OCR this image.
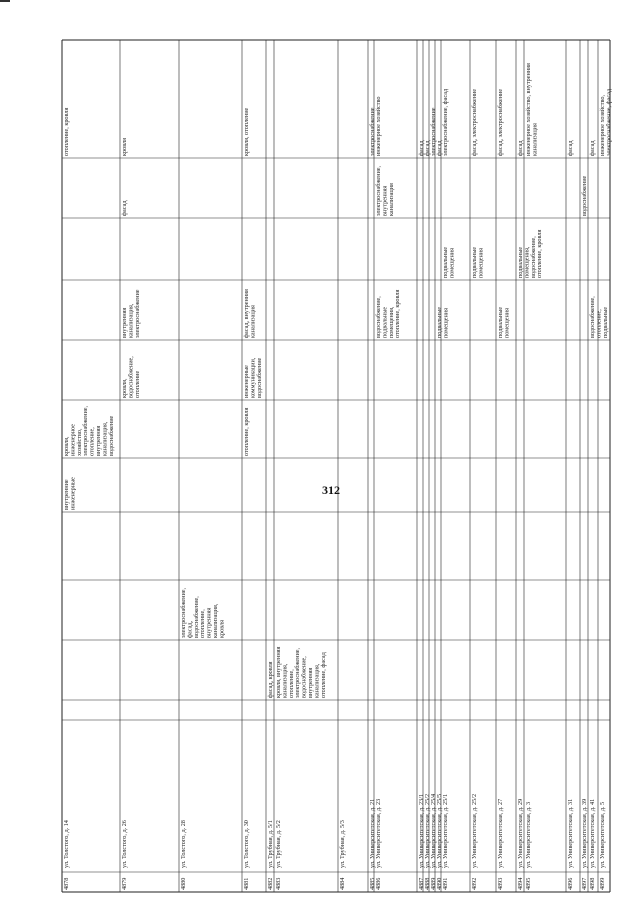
312
4878
ул. Толстого, д. 14
отопление, кровля
кровля,инженерноехозяйство,электроснабжение,отопление,внутренняяканализация,водоснабжение
внутренниеинженерные
4879
ул. Толстого, д. 26
кровля
фасад
внутренняяканализация,электроснабжение
кровля,водоснабжение,отопление
4880
ул. Толстого, д. 28
электроснабжение,фасад,водоснабжение,отопление,внутренняяканализация,кровля
4881
ул. Толстого, д. 30
кровля, отопление
фасад, внутренняяканализация
инженерныекоммуникации,водоснабжение
отопление, кровля
4882
ул. Трубная, д. 5/1
фасад, кровля
4883
ул. Трубная, д. 5/2
кровля, внутренняяканализация,отопление,электроснабжение,водоснабжение,внутренняяканализация,отопление, фасад
4884
ул. Трубная, д. 5/3
4885
ул. Университетская, д. 21
электроснабжение
4886
ул. Университетская, д. 23
инженерное хозяйство
электроснабжение,внутренняяканализация
водоснабжение,подвальныепомещения,отопление, кровля
4887
ул. Университетская, д. 23/1
фасад
4888
ул. Университетская, д. 25/2
фасад
4889
ул. Университетская, д. 25/4
электроснабжение
4890
ул. Университетская, д. 25/5
фасад
подвальныепомещения
4891
ул. Университетская, д. 25/1
электроснабжение, фасад
подвальныепомещения
4892
ул. Университетская, д. 25/2
фасад, электроснабжение
подвальныепомещения
4893
ул. Университетская, д. 27
фасад, электроснабжение
подвальныепомещения
4894
ул. Университетская, д. 29
фасад
подвальныепомещения,водоснабжение,отопление, кровля
4895
ул. Университетская, д. 3
инженерное хозяйство, внутренняяканализация
4896
ул. Университетская, д. 31
фасад
4897
ул. Университетская, д. 39
водоснабжение
4898
ул. Университетская, д. 41
фасад
водоснабжение,отопление,подвальные
4899
ул. Университетская, д. 5
инженерное хозяйство,электроснабжение, фасад
